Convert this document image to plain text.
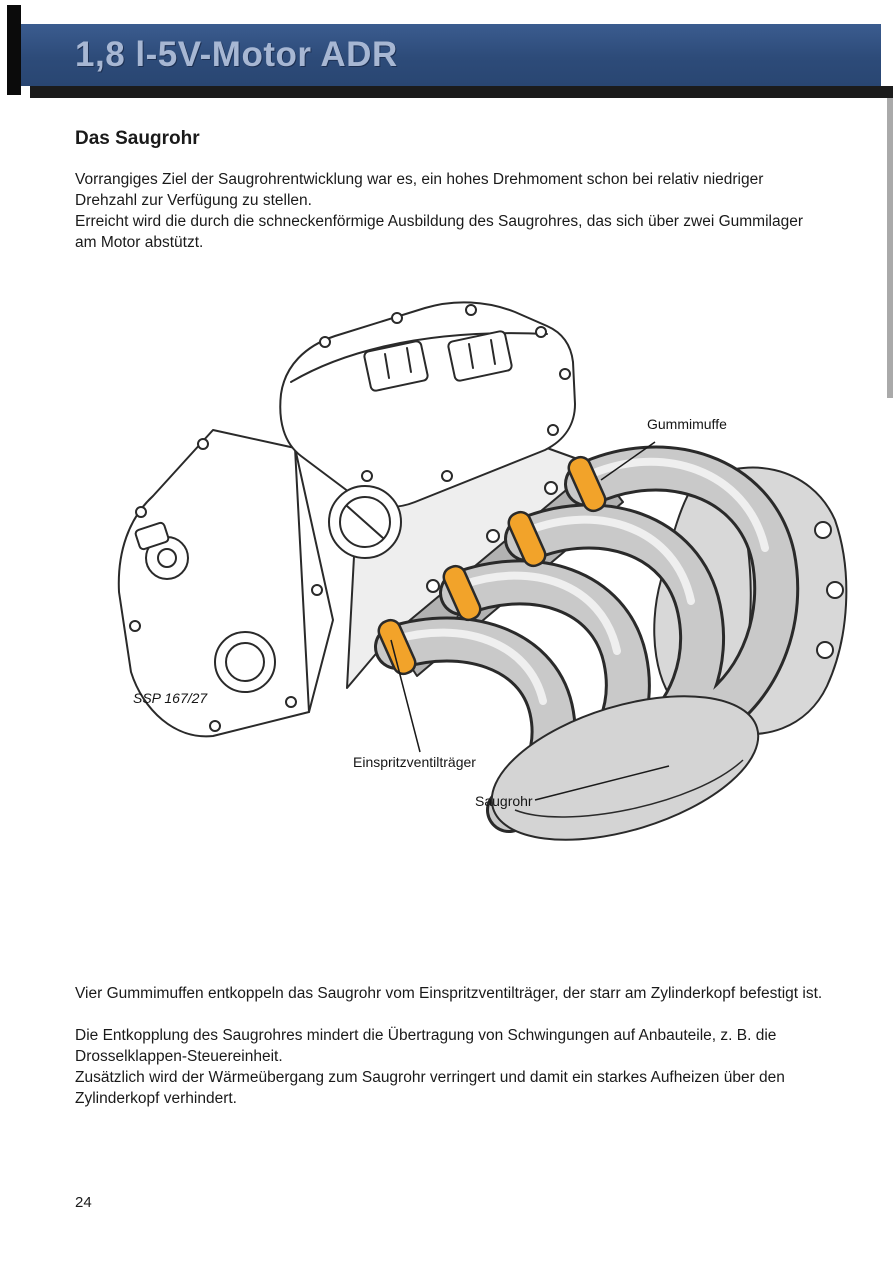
1,8 l-5V-Motor ADR
Das Saugrohr

Vorrangiges Ziel der Saugrohrentwicklung war es, ein hohes Drehmoment schon bei relativ niedriger Drehzahl zur Verfügung zu stellen.

Erreicht wird die durch die schneckenförmige Ausbildung des Saugrohres, das sich über zwei Gummilager am Motor abstützt.

Gummimuffe
SSP 167/27
Einspritzventilträger
Saugrohr

Vier Gummimuffen entkoppeln das Saugrohr vom Einspritzventilträger, der starr am Zylinderkopf befestigt ist.

Die Entkopplung des Saugrohres mindert die Übertragung von Schwingungen auf Anbauteile, z. B. die Drosselklappen-Steuereinheit.

Zusätzlich wird der Wärmeübergang zum Saugrohr verringert und damit ein starkes Aufheizen über den Zylinderkopf verhindert.

24
